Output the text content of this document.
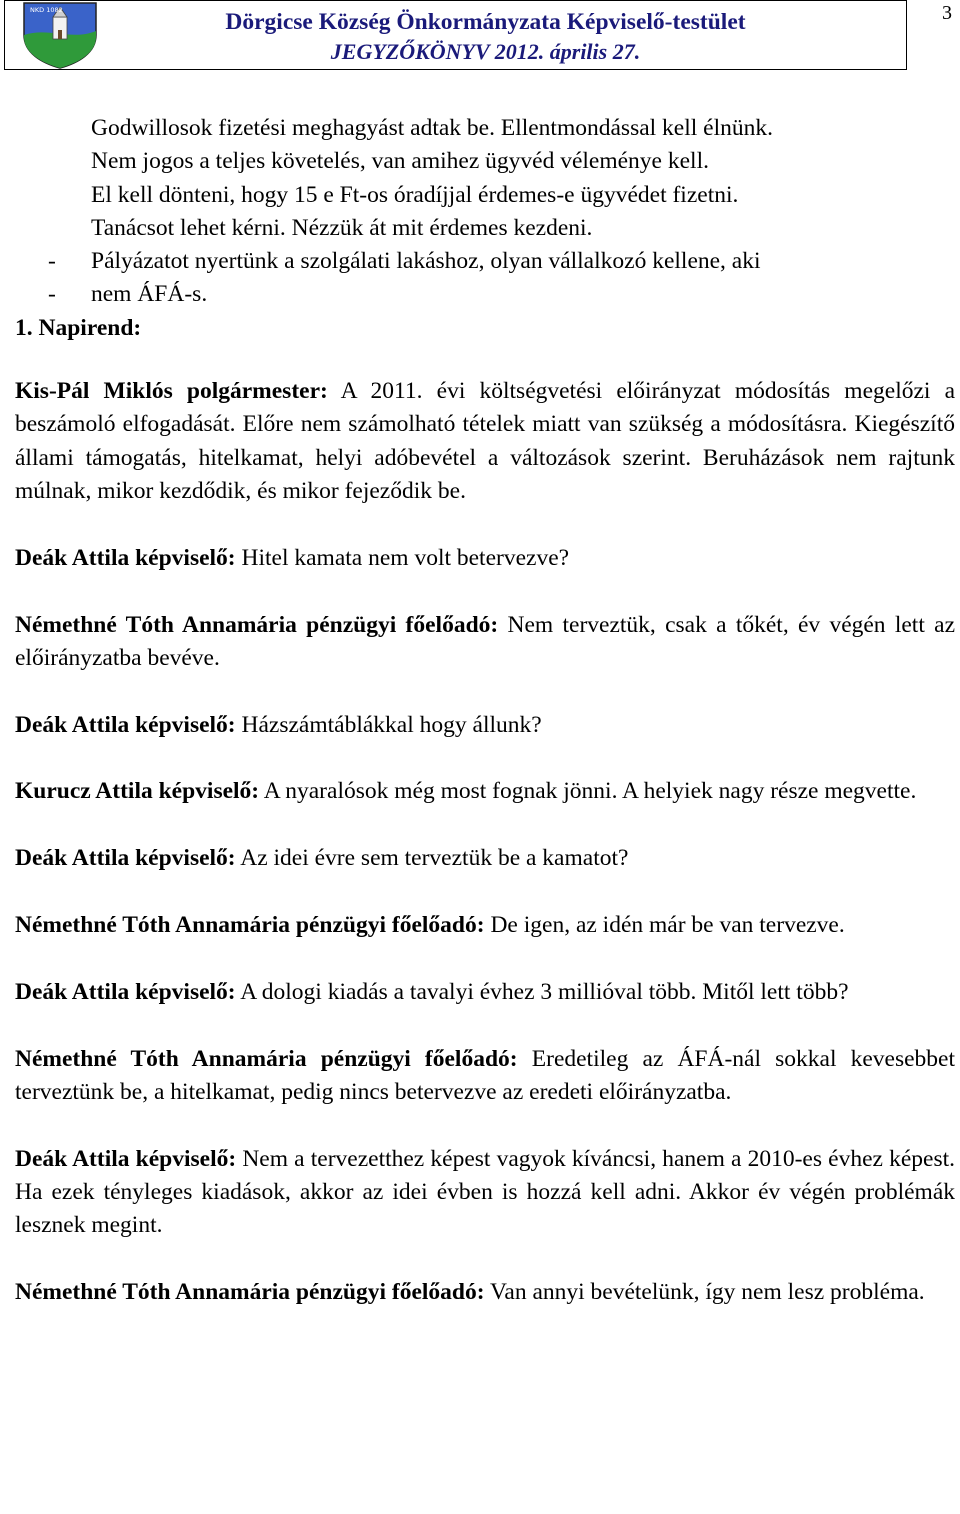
NKD 1082	Dörgicse Község Önkormányzata Képviselő-testület
JEGYZŐKÖNYV 2012. április 27.
3
Godwillosok fizetési meghagyást adtak be. Ellentmondással kell élnünk.
Nem jogos a teljes követelés, van amihez ügyvéd véleménye kell.
El kell dönteni, hogy 15 e Ft-os óradíjjal érdemes-e ügyvédet fizetni.
Tanácsot lehet kérni. Nézzük át mit érdemes kezdeni.
- Pályázatot nyertünk a szolgálati lakáshoz, olyan vállalkozó kellene, aki
- nem ÁFÁ-s.
1. Napirend:

Kis-Pál Miklós polgármester: A 2011. évi költségvetési előirányzat módosítás megelőzi a beszámoló elfogadását. Előre nem számolható tételek miatt van szükség a módosításra. Kiegészítő állami támogatás, hitelkamat, helyi adóbevétel a változások szerint. Beruházások nem rajtunk múlnak, mikor kezdődik, és mikor fejeződik be.

Deák Attila képviselő: Hitel kamata nem volt betervezve?

Némethné Tóth Annamária pénzügyi főelőadó: Nem terveztük, csak a tőkét, év végén lett az előirányzatba bevéve.

Deák Attila képviselő: Házszámtáblákkal hogy állunk?

Kurucz Attila képviselő: A nyaralósok még most fognak jönni. A helyiek nagy része megvette.

Deák Attila képviselő: Az idei évre sem terveztük be a kamatot?

Némethné Tóth Annamária pénzügyi főelőadó: De igen, az idén már be van tervezve.

Deák Attila képviselő: A dologi kiadás a tavalyi évhez 3 millióval több. Mitől lett több?

Némethné Tóth Annamária pénzügyi főelőadó: Eredetileg az ÁFÁ-nál sokkal kevesebbet terveztünk be, a hitelkamat, pedig nincs betervezve az eredeti előirányzatba.

Deák Attila képviselő: Nem a tervezetthez képest vagyok kíváncsi, hanem a 2010-es évhez képest. Ha ezek tényleges kiadások, akkor az idei évben is hozzá kell adni. Akkor év végén problémák lesznek megint.

Némethné Tóth Annamária pénzügyi főelőadó: Van annyi bevételünk, így nem lesz probléma.
